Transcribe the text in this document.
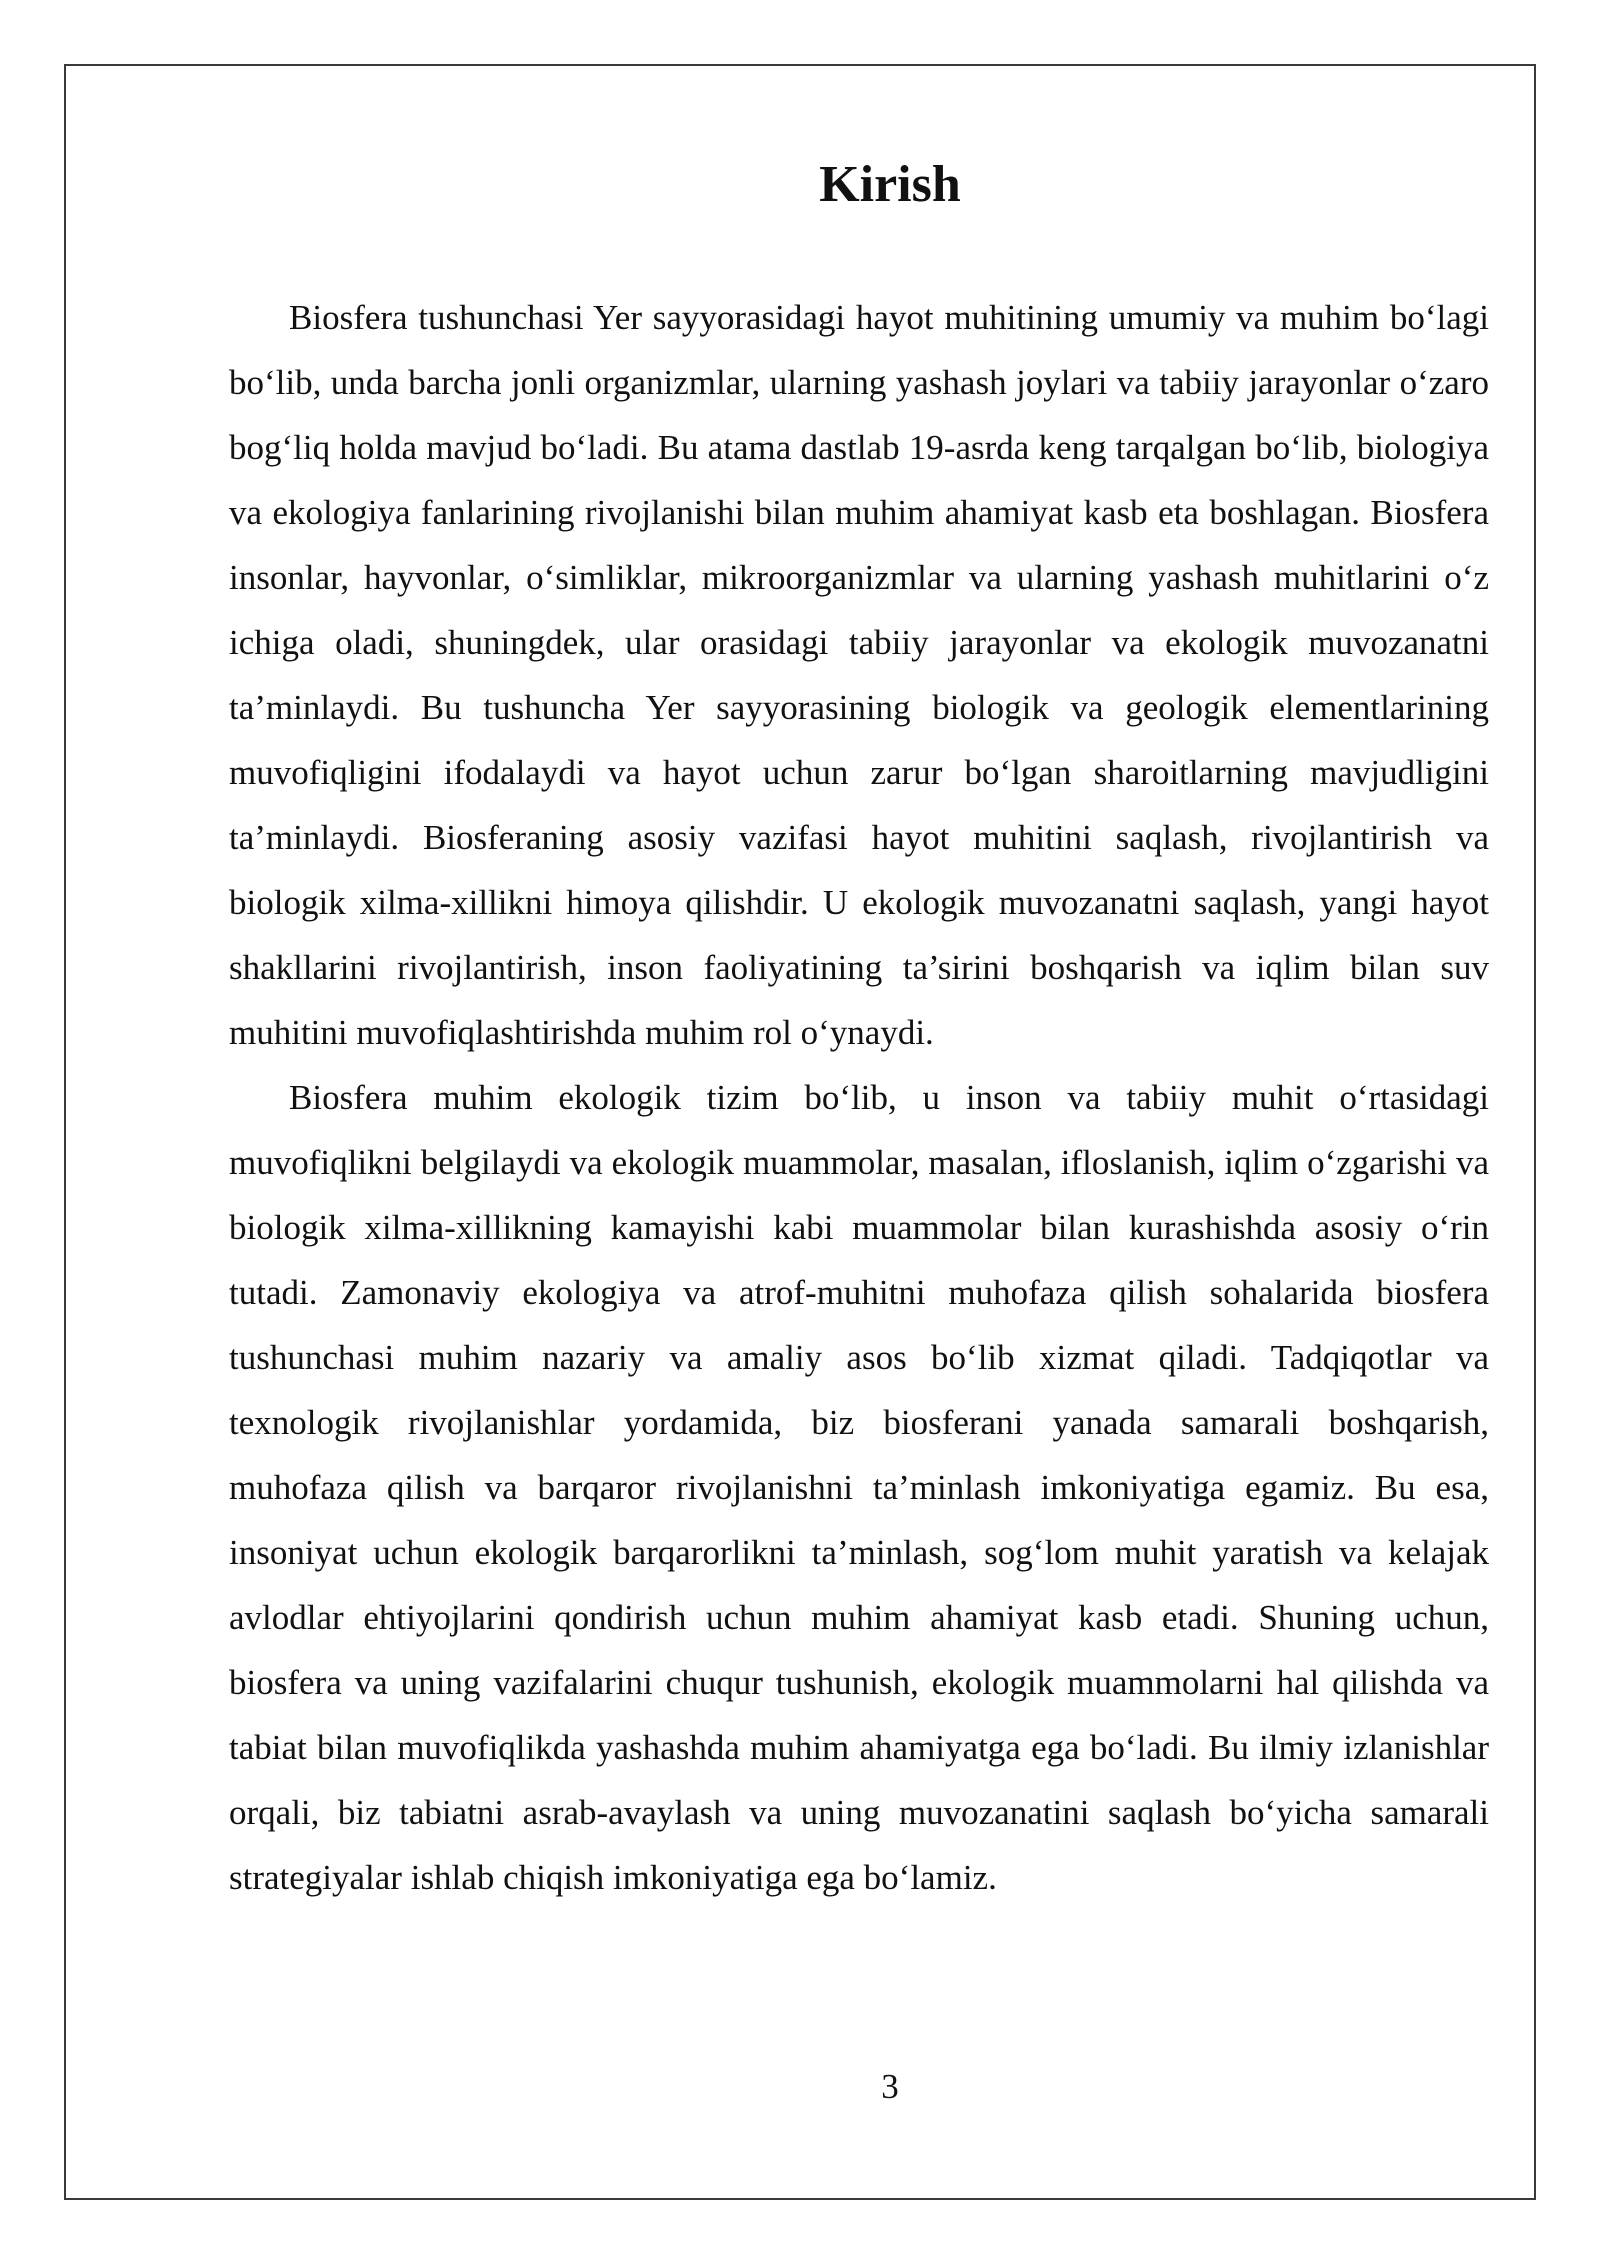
Kirish

Biosfera tushunchasi Yer sayyorasidagi hayot muhitining umumiy va muhim bo‘lagi bo‘lib, unda barcha jonli organizmlar, ularning yashash joylari va tabiiy jarayonlar o‘zaro bog‘liq holda mavjud bo‘ladi. Bu atama dastlab 19-asrda keng tarqalgan bo‘lib, biologiya va ekologiya fanlarining rivojlanishi bilan muhim ahamiyat kasb eta boshlagan. Biosfera insonlar, hayvonlar, o‘simliklar, mikroorganizmlar va ularning yashash muhitlarini o‘z ichiga oladi, shuningdek, ular orasidagi tabiiy jarayonlar va ekologik muvozanatni ta’minlaydi. Bu tushuncha Yer sayyorasining biologik va geologik elementlarining muvofiqligini ifodalaydi va hayot uchun zarur bo‘lgan sharoitlarning mavjudligini ta’minlaydi. Biosferaning asosiy vazifasi hayot muhitini saqlash, rivojlantirish va biologik xilma-xillikni himoya qilishdir. U ekologik muvozanatni saqlash, yangi hayot shakllarini rivojlantirish, inson faoliyatining ta’sirini boshqarish va iqlim bilan suv muhitini muvofiqlashtirishda muhim rol o‘ynaydi.

Biosfera muhim ekologik tizim bo‘lib, u inson va tabiiy muhit o‘rtasidagi muvofiqlikni belgilaydi va ekologik muammolar, masalan, ifloslanish, iqlim o‘zgarishi va biologik xilma-xillikning kamayishi kabi muammolar bilan kurashishda asosiy o‘rin tutadi. Zamonaviy ekologiya va atrof-muhitni muhofaza qilish sohalarida biosfera tushunchasi muhim nazariy va amaliy asos bo‘lib xizmat qiladi. Tadqiqotlar va texnologik rivojlanishlar yordamida, biz biosferani yanada samarali boshqarish, muhofaza qilish va barqaror rivojlanishni ta’minlash imkoniyatiga egamiz. Bu esa, insoniyat uchun ekologik barqarorlikni ta’minlash, sog‘lom muhit yaratish va kelajak avlodlar ehtiyojlarini qondirish uchun muhim ahamiyat kasb etadi. Shuning uchun, biosfera va uning vazifalarini chuqur tushunish, ekologik muammolarni hal qilishda va tabiat bilan muvofiqlikda yashashda muhim ahamiyatga ega bo‘ladi. Bu ilmiy izlanishlar orqali, biz tabiatni asrab-avaylash va uning muvozanatini saqlash bo‘yicha samarali strategiyalar ishlab chiqish imkoniyatiga ega bo‘lamiz.

3
